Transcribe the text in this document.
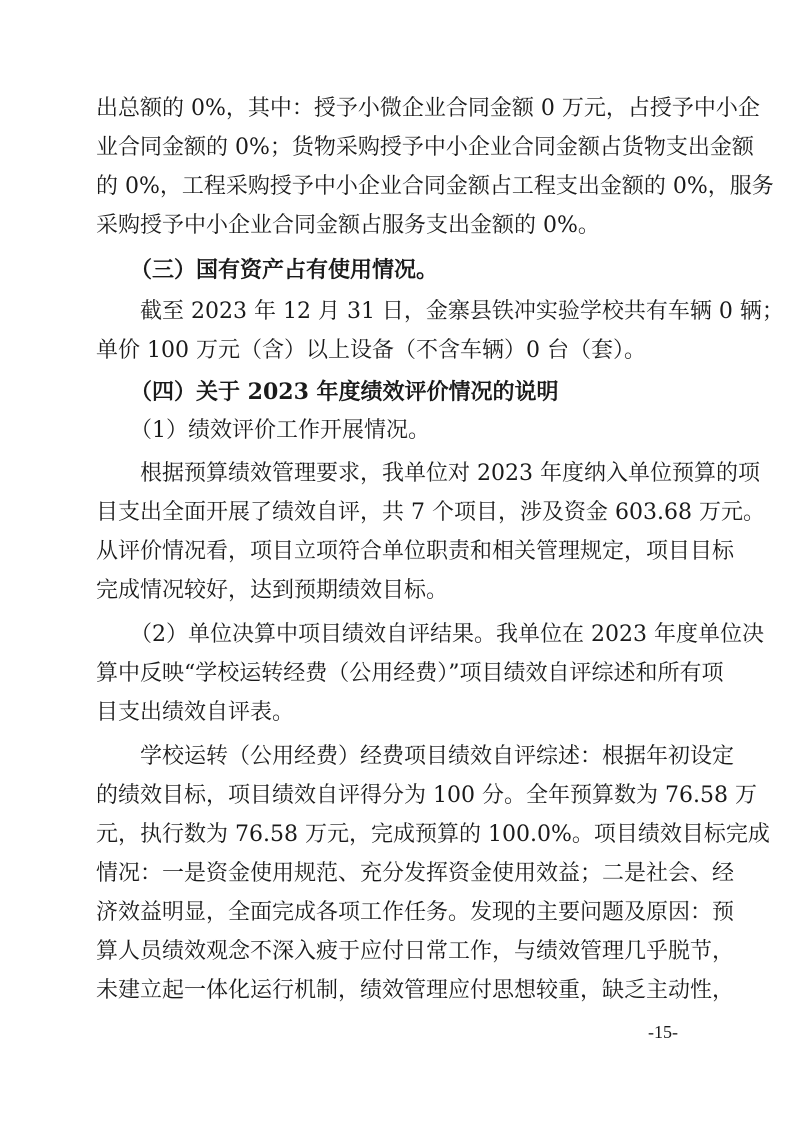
出总额的 0%，其中：授予小微企业合同金额 0 万元，占授予中小企
业合同金额的 0%；货物采购授予中小企业合同金额占货物支出金额
的 0%，工程采购授予中小企业合同金额占工程支出金额的 0%，服务
采购授予中小企业合同金额占服务支出金额的 0%。
（三）国有资产占有使用情况。
截至 2023 年 12 月 31 日，金寨县铁冲实验学校共有车辆 0 辆；
单价 100 万元（含）以上设备（不含车辆）0 台（套）。
（四）关于 2023 年度绩效评价情况的说明
（1）绩效评价工作开展情况。
根据预算绩效管理要求，我单位对 2023 年度纳入单位预算的项
目支出全面开展了绩效自评，共 7 个项目，涉及资金 603.68 万元。
从评价情况看，项目立项符合单位职责和相关管理规定，项目目标
完成情况较好，达到预期绩效目标。
（2）单位决算中项目绩效自评结果。我单位在 2023 年度单位决
算中反映“学校运转经费（公用经费）”项目绩效自评综述和所有项
目支出绩效自评表。
学校运转（公用经费）经费项目绩效自评综述：根据年初设定
的绩效目标，项目绩效自评得分为 100 分。全年预算数为 76.58 万
元，执行数为 76.58 万元，完成预算的 100.0%。项目绩效目标完成
情况：一是资金使用规范、充分发挥资金使用效益；二是社会、经
济效益明显，全面完成各项工作任务。发现的主要问题及原因：预
算人员绩效观念不深入疲于应付日常工作，与绩效管理几乎脱节，
未建立起一体化运行机制，绩效管理应付思想较重，缺乏主动性，
-15-
